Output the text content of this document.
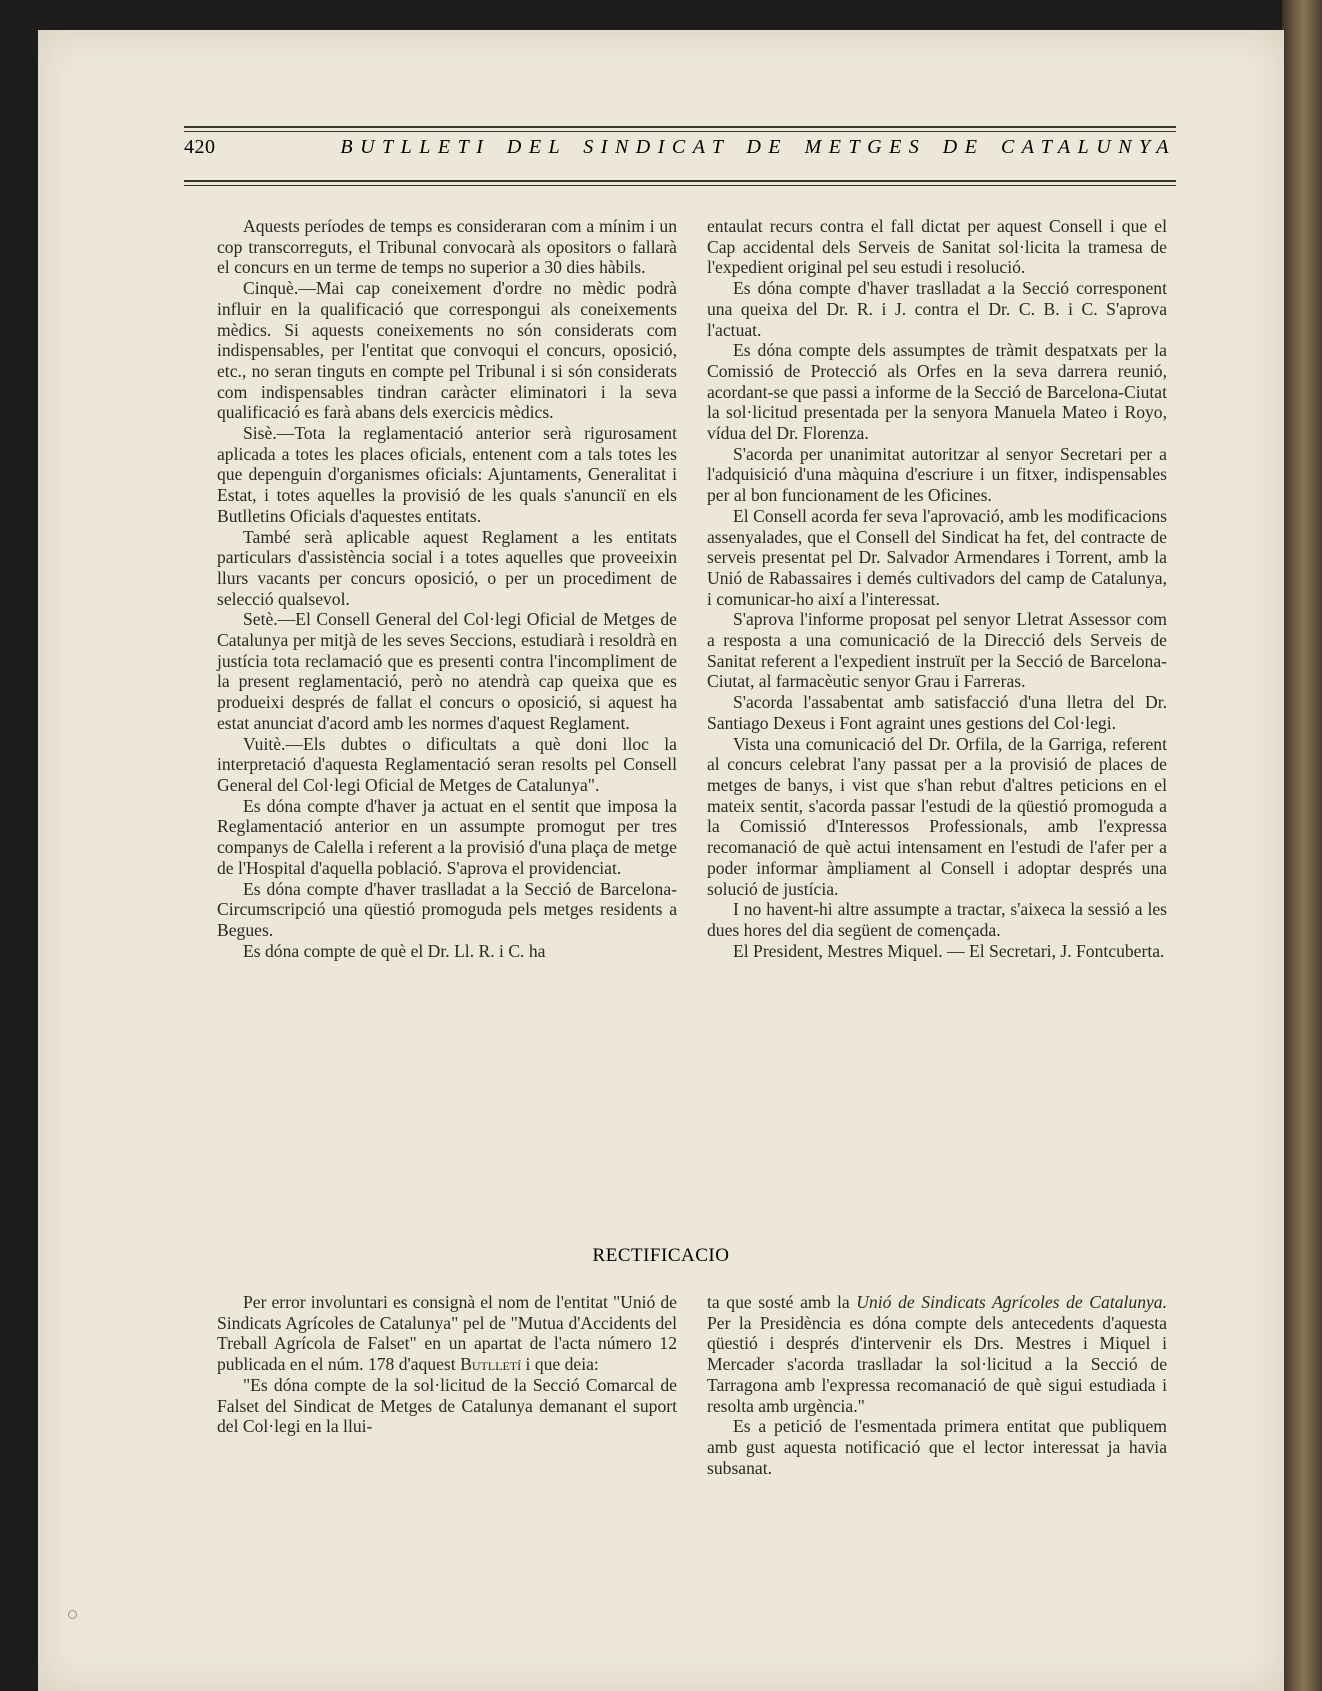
420	BUTLLETI DEL SINDICAT DE METGES DE CATALUNYA

Aquests períodes de temps es consideraran com a mínim i un cop transcorreguts, el Tribunal convocarà als opositors o fallarà el concurs en un terme de temps no superior a 30 dies hàbils.

Cinquè.—Mai cap coneixement d'ordre no mèdic podrà influir en la qualificació que correspongui als coneixements mèdics. Si aquests coneixements no són considerats com indispensables, per l'entitat que convoqui el concurs, oposició, etc., no seran tinguts en compte pel Tribunal i si són considerats com indispensables tindran caràcter eliminatori i la seva qualificació es farà abans dels exercicis mèdics.

Sisè.—Tota la reglamentació anterior serà rigurosament aplicada a totes les places oficials, entenent com a tals totes les que depenguin d'organismes oficials: Ajuntaments, Generalitat i Estat, i totes aquelles la provisió de les quals s'anunciï en els Butlletins Oficials d'aquestes entitats.

També serà aplicable aquest Reglament a les entitats particulars d'assistència social i a totes aquelles que proveeixin llurs vacants per concurs oposició, o per un procediment de selecció qualsevol.

Setè.—El Consell General del Col·legi Oficial de Metges de Catalunya per mitjà de les seves Seccions, estudiarà i resoldrà en justícia tota reclamació que es presenti contra l'incompliment de la present reglamentació, però no atendrà cap queixa que es produeixi després de fallat el concurs o oposició, si aquest ha estat anunciat d'acord amb les normes d'aquest Reglament.

Vuitè.—Els dubtes o dificultats a què doni lloc la interpretació d'aquesta Reglamentació seran resolts pel Consell General del Col·legi Oficial de Metges de Catalunya".

Es dóna compte d'haver ja actuat en el sentit que imposa la Reglamentació anterior en un assumpte promogut per tres companys de Calella i referent a la provisió d'una plaça de metge de l'Hospital d'aquella població. S'aprova el providenciat.

Es dóna compte d'haver traslladat a la Secció de Barcelona-Circumscripció una qüestió promoguda pels metges residents a Begues.

Es dóna compte de què el Dr. Ll. R. i C. ha

entaulat recurs contra el fall dictat per aquest Consell i que el Cap accidental dels Serveis de Sanitat sol·licita la tramesa de l'expedient original pel seu estudi i resolució.

Es dóna compte d'haver traslladat a la Secció corresponent una queixa del Dr. R. i J. contra el Dr. C. B. i C. S'aprova l'actuat.

Es dóna compte dels assumptes de tràmit despatxats per la Comissió de Protecció als Orfes en la seva darrera reunió, acordant-se que passi a informe de la Secció de Barcelona-Ciutat la sol·licitud presentada per la senyora Manuela Mateo i Royo, vídua del Dr. Florenza.

S'acorda per unanimitat autoritzar al senyor Secretari per a l'adquisició d'una màquina d'escriure i un fitxer, indispensables per al bon funcionament de les Oficines.

El Consell acorda fer seva l'aprovació, amb les modificacions assenyalades, que el Consell del Sindicat ha fet, del contracte de serveis presentat pel Dr. Salvador Armendares i Torrent, amb la Unió de Rabassaires i demés cultivadors del camp de Catalunya, i comunicar-ho així a l'interessat.

S'aprova l'informe proposat pel senyor Lletrat Assessor com a resposta a una comunicació de la Direcció dels Serveis de Sanitat referent a l'expedient instruït per la Secció de Barcelona-Ciutat, al farmacèutic senyor Grau i Farreras.

S'acorda l'assabentat amb satisfacció d'una lletra del Dr. Santiago Dexeus i Font agraint unes gestions del Col·legi.

Vista una comunicació del Dr. Orfila, de la Garriga, referent al concurs celebrat l'any passat per a la provisió de places de metges de banys, i vist que s'han rebut d'altres peticions en el mateix sentit, s'acorda passar l'estudi de la qüestió promoguda a la Comissió d'Interessos Professionals, amb l'expressa recomanació de què actui intensament en l'estudi de l'afer per a poder informar àmpliament al Consell i adoptar després una solució de justícia.

I no havent-hi altre assumpte a tractar, s'aixeca la sessió a les dues hores del dia següent de començada.

El President, Mestres Miquel. — El Secretari, J. Fontcuberta.

RECTIFICACIO

Per error involuntari es consignà el nom de l'entitat "Unió de Sindicats Agrícoles de Catalunya" pel de "Mutua d'Accidents del Treball Agrícola de Falset" en un apartat de l'acta número 12 publicada en el núm. 178 d'aquest Butlletí i que deia:

"Es dóna compte de la sol·licitud de la Secció Comarcal de Falset del Sindicat de Metges de Catalunya demanant el suport del Col·legi en la llui-

ta que sosté amb la Unió de Sindicats Agrícoles de Catalunya. Per la Presidència es dóna compte dels antecedents d'aquesta qüestió i després d'intervenir els Drs. Mestres i Miquel i Mercader s'acorda traslladar la sol·licitud a la Secció de Tarragona amb l'expressa recomanació de què sigui estudiada i resolta amb urgència."

Es a petició de l'esmentada primera entitat que publiquem amb gust aquesta notificació que el lector interessat ja havia subsanat.
